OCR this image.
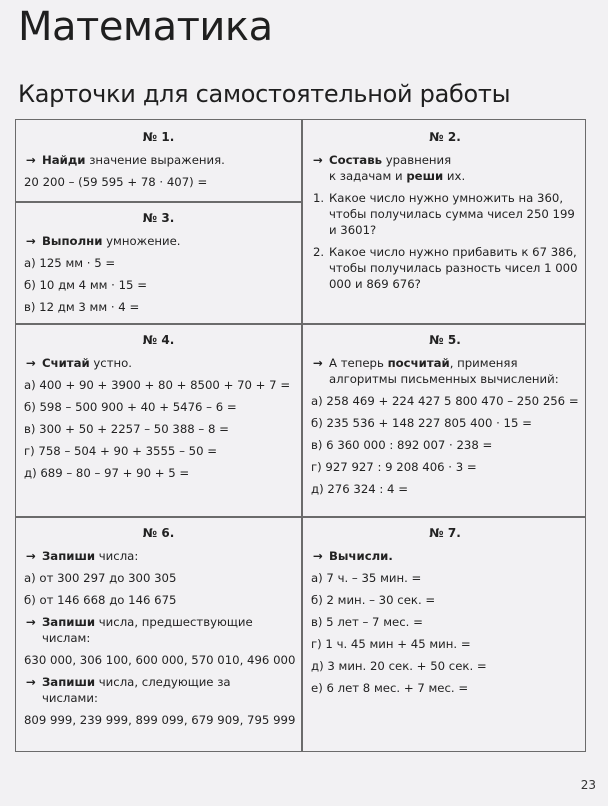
Математика
Карточки для самостоятельной работы
№ 1.
→ Найди значение выражения.
20 200 – (59 595 + 78 · 407) =
№ 3.
→ Выполни умножение.
а) 125 мм · 5 =
б) 10 дм 4 мм · 15 =
в) 12 дм 3 мм · 4 =
№ 2.
→ Составь уравнения
к задачам и реши их.
1. Какое число нужно умножить на 360, чтобы получилась сумма чисел 250 199 и 3601?
2. Какое число нужно прибавить к 67 386, чтобы получилась разность чисел 1 000 000 и 869 676?
№ 4.
→ Считай устно.
а) 400 + 90 + 3900 + 80 + 8500 + 70 + 7 =
б) 598 – 500 900 + 40 + 5476 – 6 =
в) 300 + 50 + 2257 – 50 388 – 8 =
г) 758 – 504 + 90 + 3555 – 50 =
д) 689 – 80 – 97 + 90 + 5 =
№ 5.
→ А теперь посчитай, применяя
алгоритмы письменных вычислений:
а) 258 469 + 224 427 5 800 470 – 250 256 =
б) 235 536 + 148 227 805 400 · 15 =
в) 6 360 000 : 892 007 · 238 =
г) 927 927 : 9 208 406 · 3 =
д) 276 324 : 4 =
№ 6.
→ Запиши числа:
а) от 300 297 до 300 305
б) от 146 668 до 146 675
→ Запиши числа, предшествующие
числам:
630 000, 306 100, 600 000, 570 010, 496 000
→ Запиши числа, следующие за
числами:
809 999, 239 999, 899 099, 679 909, 795 999
№ 7.
→ Вычисли.
а) 7 ч. – 35 мин. =
б) 2 мин. – 30 сек. =
в) 5 лет – 7 мес. =
г) 1 ч. 45 мин + 45 мин. =
д) 3 мин. 20 сек. + 50 сек. =
е) 6 лет 8 мес. + 7 мес. =
23
